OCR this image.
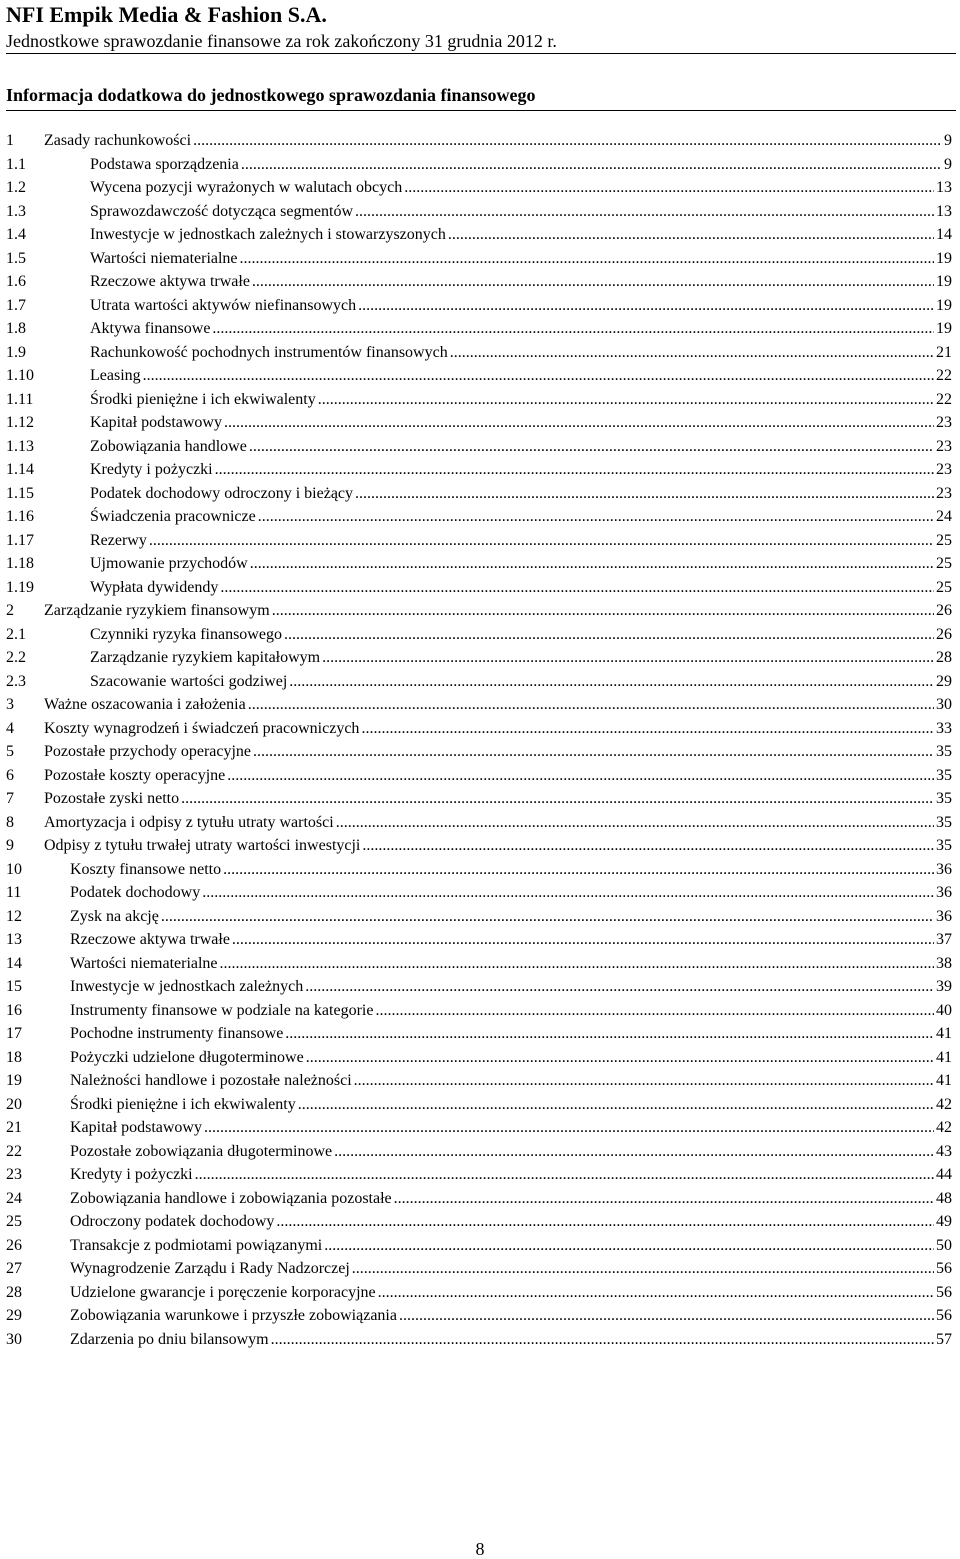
NFI Empik Media & Fashion S.A.
Jednostkowe sprawozdanie finansowe za rok zakończony 31 grudnia 2012 r.
Informacja dodatkowa do jednostkowego sprawozdania finansowego
1 Zasady rachunkowości .....	9
1.1	Podstawa sporządzenia .....	9
1.2	Wycena pozycji wyrażonych w walutach obcych .....	13
1.3	Sprawozdawczość dotycząca segmentów .....	13
1.4	Inwestycje w jednostkach zależnych i stowarzyszonych .....	14
1.5	Wartości niematerialne .....	19
1.6	Rzeczowe aktywa trwałe .....	19
1.7	Utrata wartości aktywów niefinansowych .....	19
1.8	Aktywa finansowe .....	19
1.9	Rachunkowość pochodnych instrumentów finansowych .....	21
1.10	Leasing .....	22
1.11	Środki pieniężne i ich ekwiwalenty .....	22
1.12	Kapitał podstawowy .....	23
1.13	Zobowiązania handlowe .....	23
1.14	Kredyty i pożyczki .....	23
1.15	Podatek dochodowy odroczony i bieżący .....	23
1.16	Świadczenia pracownicze .....	24
1.17	Rezerwy .....	25
1.18	Ujmowanie przychodów .....	25
1.19	Wypłata dywidendy .....	25
2 Zarządzanie ryzykiem finansowym .....	26
2.1	Czynniki ryzyka finansowego .....	26
2.2	Zarządzanie ryzykiem kapitałowym .....	28
2.3	Szacowanie wartości godziwej .....	29
3 Ważne oszacowania i założenia .....	30
4 Koszty wynagrodzeń i świadczeń pracowniczych .....	33
5 Pozostałe przychody operacyjne .....	35
6 Pozostałe koszty operacyjne .....	35
7 Pozostałe zyski netto .....	35
8 Amortyzacja i odpisy z tytułu utraty wartości .....	35
9 Odpisy z tytułu trwałej utraty wartości inwestycji .....	35
10	Koszty finansowe netto .....	36
11	Podatek dochodowy .....	36
12	Zysk na akcję .....	36
13	Rzeczowe aktywa trwałe .....	37
14	Wartości niematerialne .....	38
15	Inwestycje w jednostkach zależnych .....	39
16	Instrumenty finansowe w podziale na kategorie .....	40
17	Pochodne instrumenty finansowe .....	41
18	Pożyczki udzielone długoterminowe .....	41
19	Należności handlowe i pozostałe należności .....	41
20	Środki pieniężne i ich ekwiwalenty .....	42
21	Kapitał podstawowy .....	42
22	Pozostałe zobowiązania długoterminowe .....	43
23	Kredyty i pożyczki .....	44
24	Zobowiązania handlowe i zobowiązania pozostałe .....	48
25	Odroczony podatek dochodowy .....	49
26	Transakcje z podmiotami powiązanymi .....	50
27	Wynagrodzenie Zarządu i Rady Nadzorczej .....	56
28	Udzielone gwarancje i poręczenie korporacyjne .....	56
29	Zobowiązania warunkowe i przyszłe zobowiązania .....	56
30	Zdarzenia po dniu bilansowym .....	57
8
